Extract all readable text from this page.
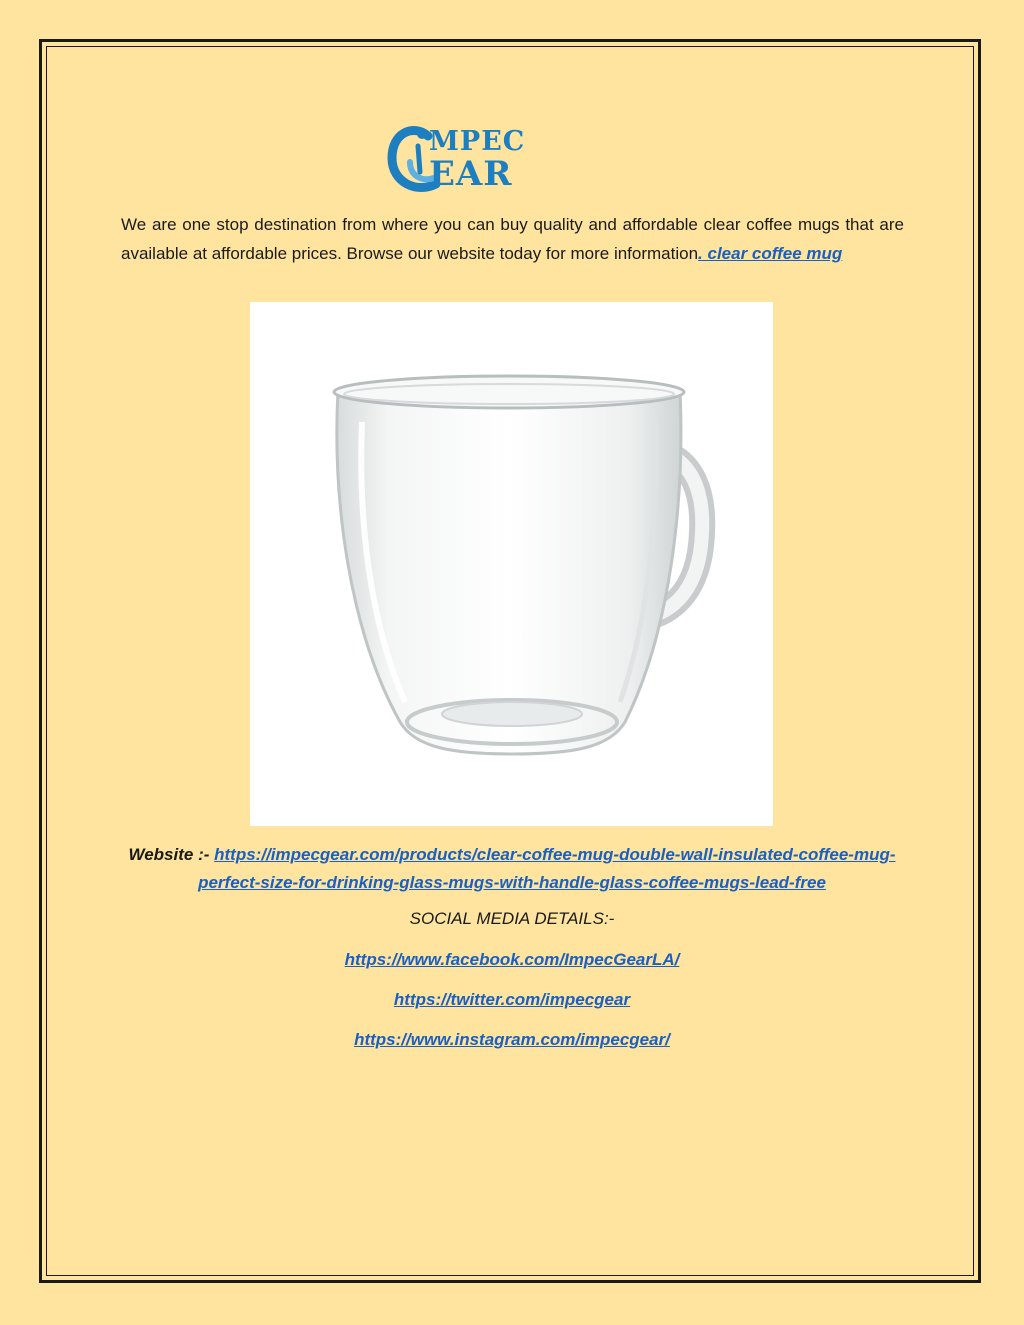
MPEC
EAR
We are one stop destination from where you can buy quality and affordable clear coffee mugs that are available at affordable prices. Browse our website today for more information. clear coffee mug
Website :- https://impecgear.com/products/clear-coffee-mug-double-wall-insulated-coffee-mug-perfect-size-for-drinking-glass-mugs-with-handle-glass-coffee-mugs-lead-free
SOCIAL MEDIA DETAILS:-
https://www.facebook.com/ImpecGearLA/
https://twitter.com/impecgear
https://www.instagram.com/impecgear/
